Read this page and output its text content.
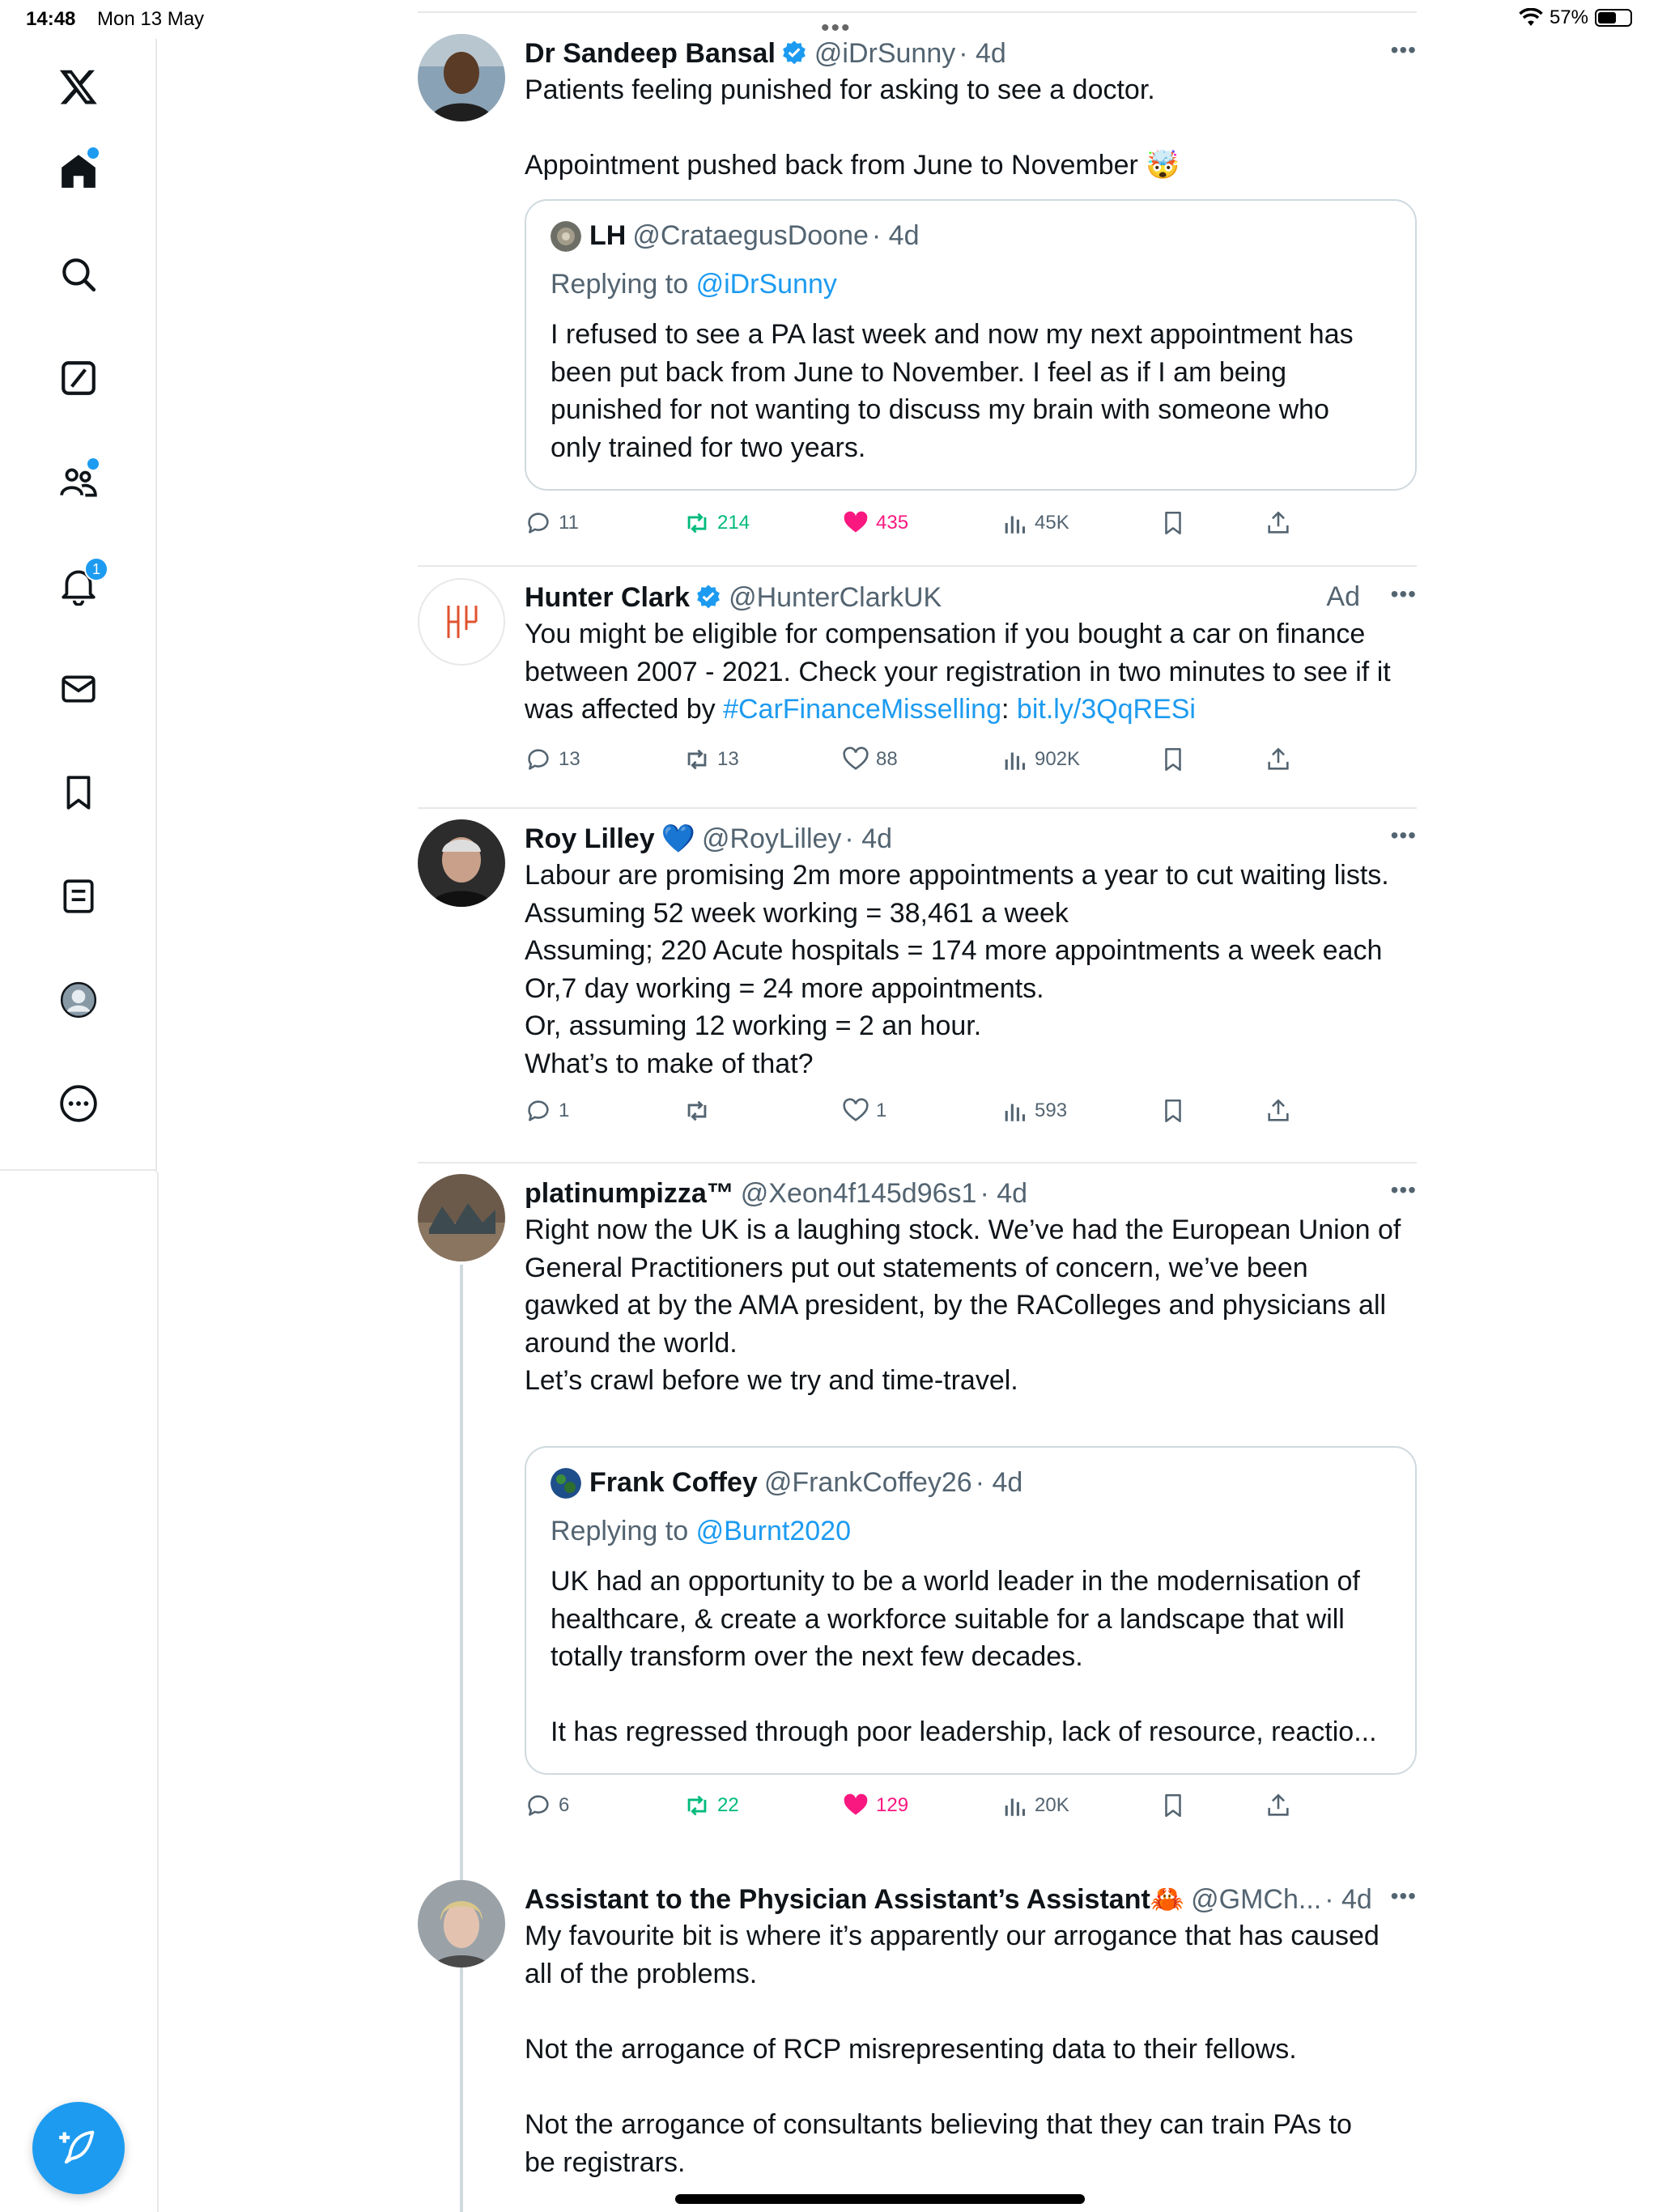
14:48 Mon 13 May	57%
•••
1
Dr Sandeep Bansal @iDrSunny · 4d	•••
Patients feeling punished for asking to see a doctor.
Appointment pushed back from June to November 🤯
LH @CrataegusDoone · 4d
Replying to @iDrSunny
I refused to see a PA last week and now my next appointment has
been put back from June to November. I feel as if I am being
punished for not wanting to discuss my brain with someone who
only trained for two years.
11	214	435	45K
Hunter Clark @HunterClarkUK	Ad •••
You might be eligible for compensation if you bought a car on finance
between 2007 - 2021. Check your registration in two minutes to see if it
was affected by #CarFinanceMisselling: bit.ly/3QqRESi
13	13	88	902K
Roy Lilley 💙 @RoyLilley · 4d	•••
Labour are promising 2m more appointments a year to cut waiting lists.
Assuming 52 week working = 38,461 a week
Assuming; 220 Acute hospitals = 174 more appointments a week each
Or,7 day working = 24 more appointments.
Or, assuming 12 working = 2 an hour.
What’s to make of that?
1	1	593
platinumpizza™ @Xeon4f145d96s1 · 4d	•••
Right now the UK is a laughing stock. We’ve had the European Union of
General Practitioners put out statements of concern, we’ve been
gawked at by the AMA president, by the RAColleges and physicians all
around the world.
Let’s crawl before we try and time-travel.
Frank Coffey @FrankCoffey26 · 4d
Replying to @Burnt2020
UK had an opportunity to be a world leader in the modernisation of
healthcare, & create a workforce suitable for a landscape that will
totally transform over the next few decades.

It has regressed through poor leadership, lack of resource, reactio...
6	22	129	20K
Assistant to the Physician Assistant’s Assistant🦀 @GMCh... · 4d •••
My favourite bit is where it’s apparently our arrogance that has caused
all of the problems.
Not the arrogance of RCP misrepresenting data to their fellows.
Not the arrogance of consultants believing that they can train PAs to
be registrars.
